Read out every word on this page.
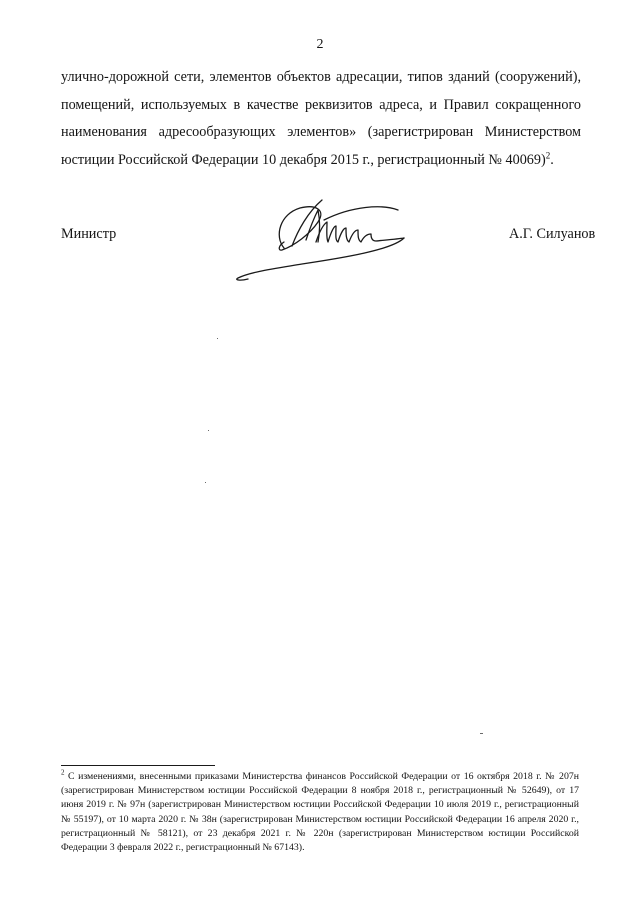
2

улично-дорожной сети, элементов объектов адресации, типов зданий (сооружений), помещений, используемых в качестве реквизитов адреса, и Правил сокращенного наименования адресообразующих элементов» (зарегистрирован Министерством юстиции Российской Федерации 10 декабря 2015 г., регистрационный № 40069)$^2$.

Министр	А.Г. Силуанов

$^2$ С изменениями, внесенными приказами Министерства финансов Российской Федерации от 16 октября 2018 г. № 207н (зарегистрирован Министерством юстиции Российской Федерации 8 ноября 2018 г., регистрационный № 52649), от 17 июня 2019 г. № 97н (зарегистрирован Министерством юстиции Российской Федерации 10 июля 2019 г., регистрационный № 55197), от 10 марта 2020 г. № 38н (зарегистрирован Министерством юстиции Российской Федерации 16 апреля 2020 г., регистрационный № 58121), от 23 декабря 2021 г. № 220н (зарегистрирован Министерством юстиции Российской Федерации 3 февраля 2022 г., регистрационный № 67143).
